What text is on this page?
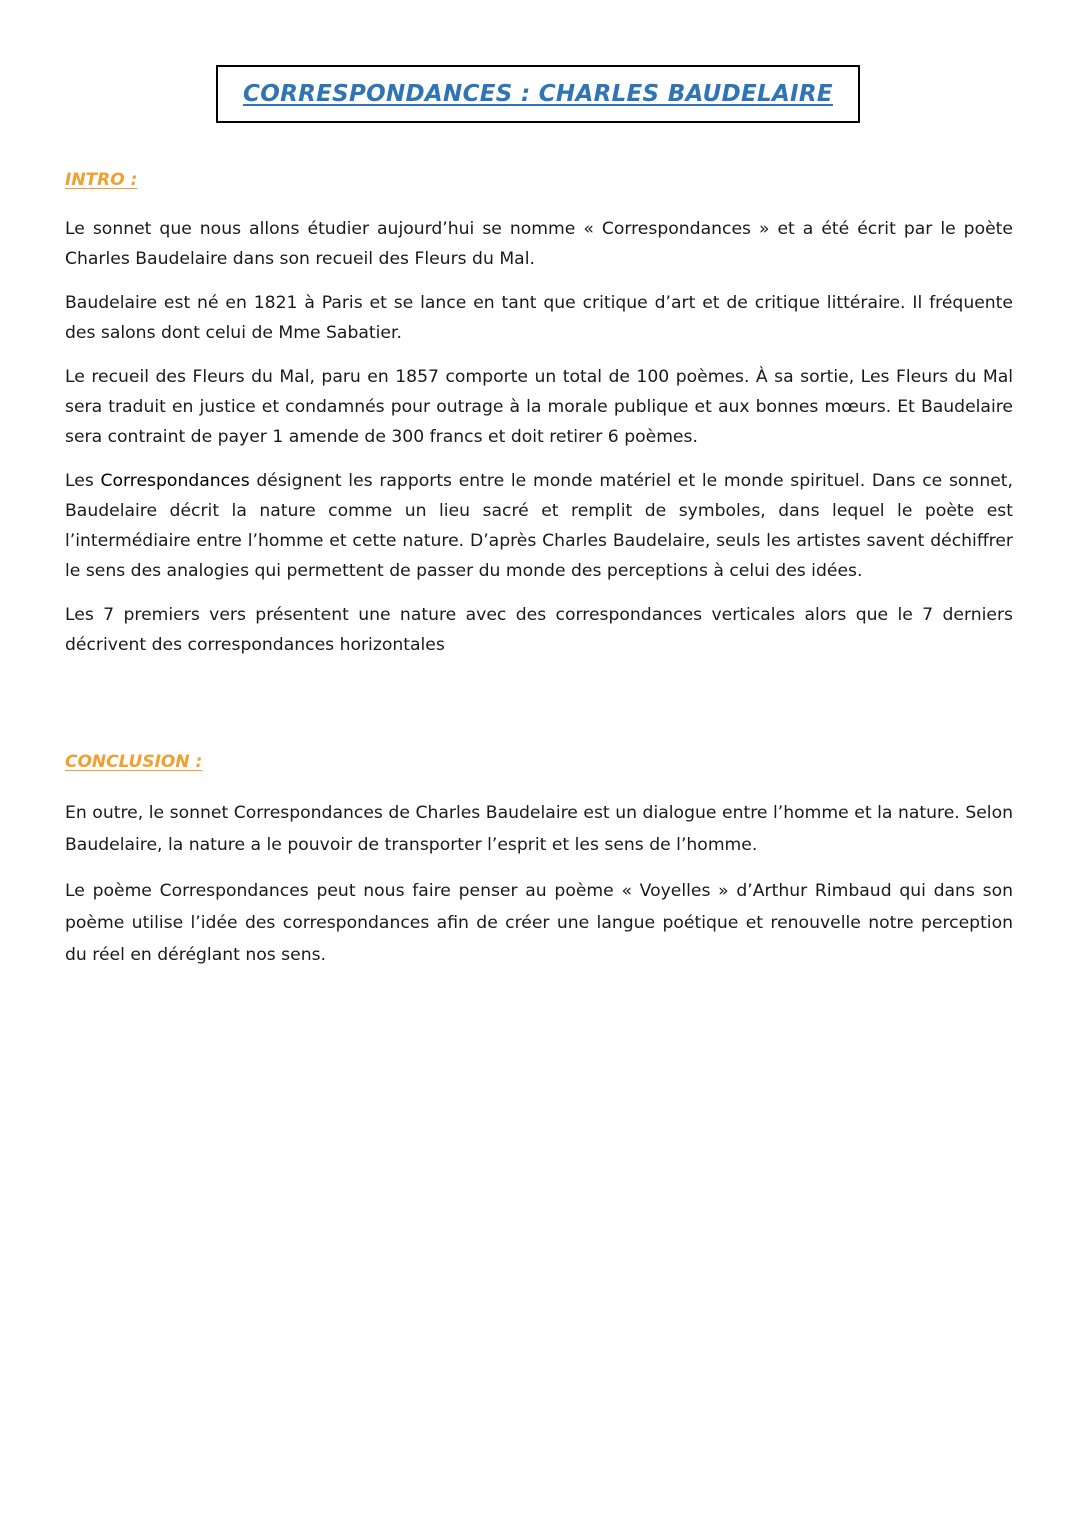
CORRESPONDANCES : CHARLES BAUDELAIRE
INTRO :

Le sonnet que nous allons étudier aujourd’hui se nomme « Correspondances » et a été écrit par le poète Charles Baudelaire dans son recueil des Fleurs du Mal.

Baudelaire est né en 1821 à Paris et se lance en tant que critique d’art et de critique littéraire. Il fréquente des salons dont celui de Mme Sabatier.

Le recueil des Fleurs du Mal, paru en 1857 comporte un total de 100 poèmes. À sa sortie, Les Fleurs du Mal sera traduit en justice et condamnés pour outrage à la morale publique et aux bonnes mœurs. Et Baudelaire sera contraint de payer 1 amende de 300 francs et doit retirer 6 poèmes.

Les Correspondances désignent les rapports entre le monde matériel et le monde spirituel. Dans ce sonnet, Baudelaire décrit la nature comme un lieu sacré et remplit de symboles, dans lequel le poète est l’intermédiaire entre l’homme et cette nature. D’après Charles Baudelaire, seuls les artistes savent déchiffrer le sens des analogies qui permettent de passer du monde des perceptions à celui des idées.

Les 7 premiers vers présentent une nature avec des correspondances verticales alors que le 7 derniers décrivent des correspondances horizontales

CONCLUSION :

En outre, le sonnet Correspondances de Charles Baudelaire est un dialogue entre l’homme et la nature. Selon Baudelaire, la nature a le pouvoir de transporter l’esprit et les sens de l’homme.

Le poème Correspondances peut nous faire penser au poème « Voyelles » d’Arthur Rimbaud qui dans son poème utilise l’idée des correspondances afin de créer une langue poétique et renouvelle notre perception du réel en déréglant nos sens.
